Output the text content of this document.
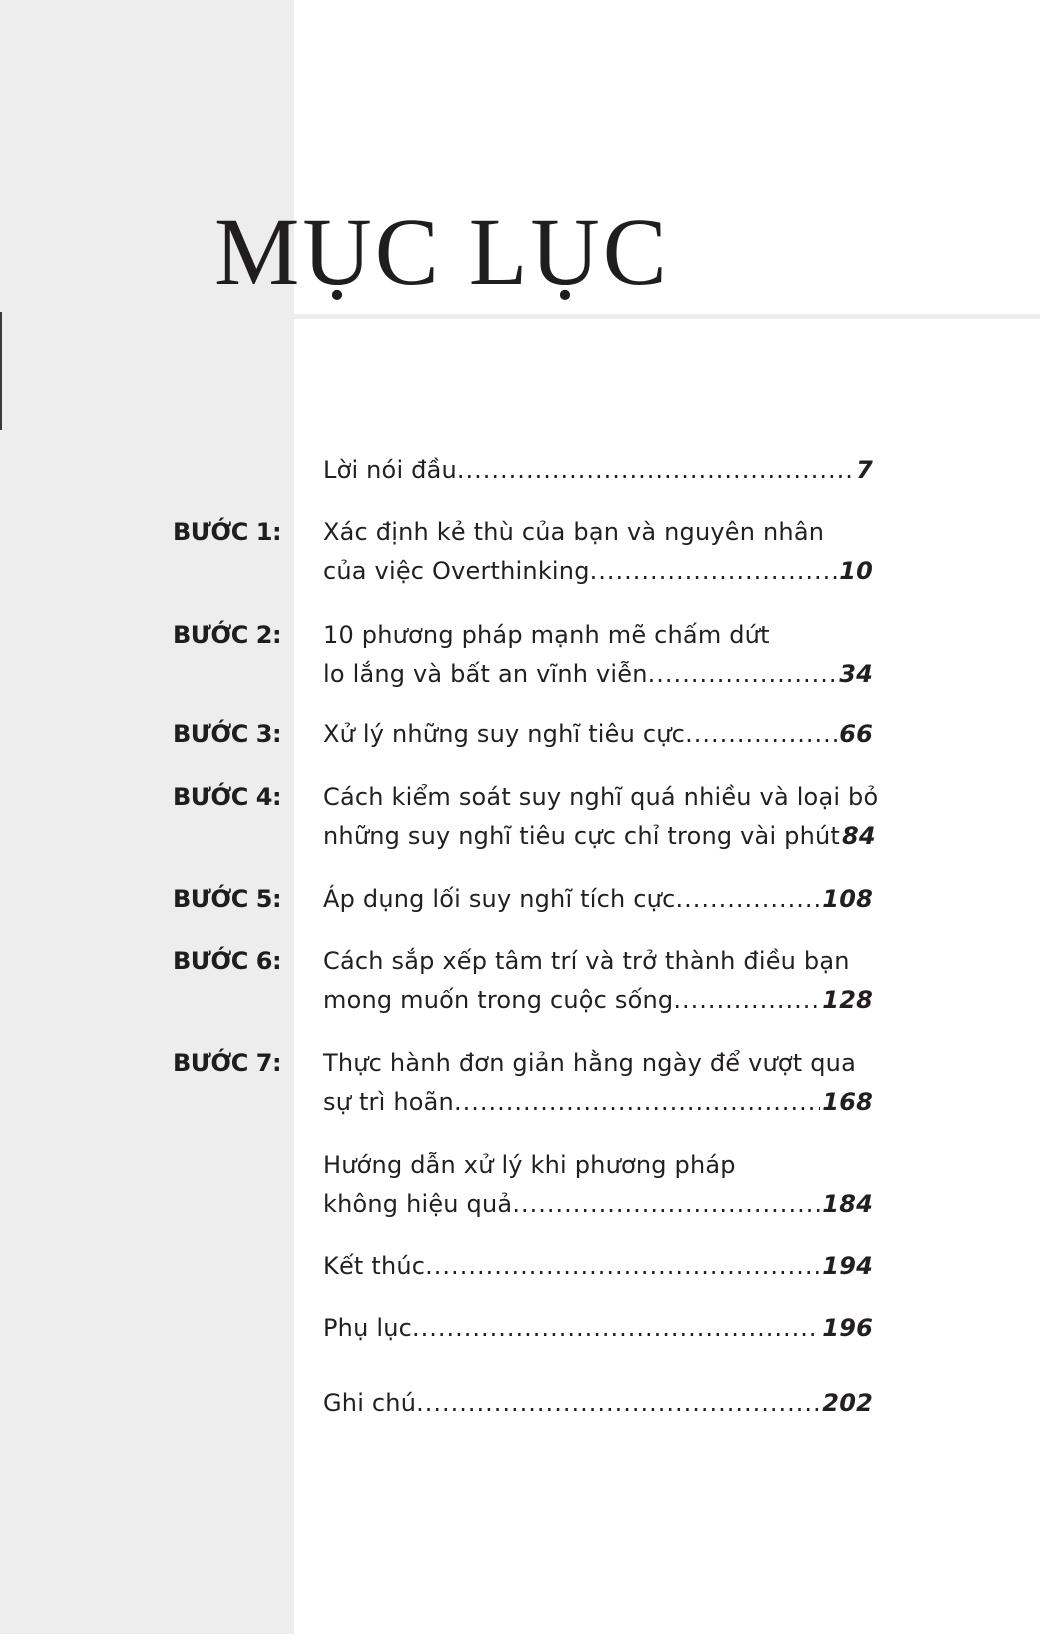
MỤC LỤC
Lời nói đầu .....	7
BƯỚC 1: Xác định kẻ thù của bạn và nguyên nhân
của việc Overthinking .....	10
BƯỚC 2: 10 phương pháp mạnh mẽ chấm dứt
lo lắng và bất an vĩnh viễn .....	34
BƯỚC 3: Xử lý những suy nghĩ tiêu cực .....	66
BƯỚC 4: Cách kiểm soát suy nghĩ quá nhiều và loại bỏ
những suy nghĩ tiêu cực chỉ trong vài phút 84
BƯỚC 5: Áp dụng lối suy nghĩ tích cực .....	108
BƯỚC 6: Cách sắp xếp tâm trí và trở thành điều bạn
mong muốn trong cuộc sống .....	128
BƯỚC 7: Thực hành đơn giản hằng ngày để vượt qua
sự trì hoãn .....	168
Hướng dẫn xử lý khi phương pháp
không hiệu quả .....	184
Kết thúc .....	194
Phụ lục .....	196
Ghi chú .....	202
